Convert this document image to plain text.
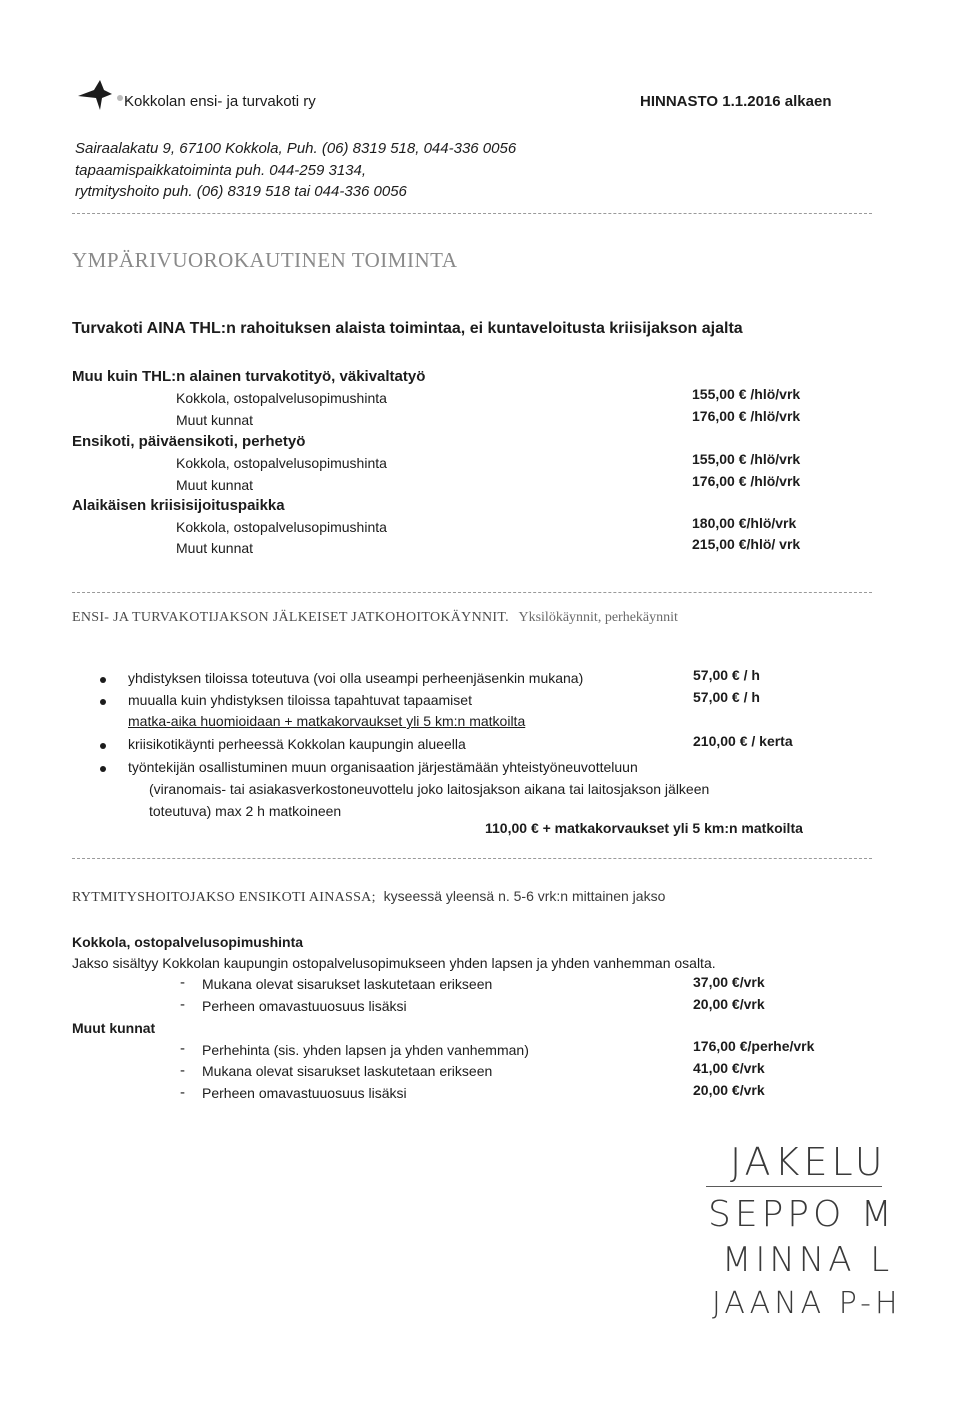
Kokkolan ensi- ja turvakoti ry	HINNASTO 1.1.2016 alkaen
Sairaalakatu 9, 67100 Kokkola, Puh. (06) 8319 518, 044-336 0056
tapaamispaikkatoiminta puh. 044-259 3134,
rytmityshoito puh. (06) 8319 518 tai 044-336 0056
YMPÄRIVUOROKAUTINEN TOIMINTA
Turvakoti AINA THL:n rahoituksen alaista toimintaa, ei kuntaveloitusta kriisijakson ajalta
Muu kuin THL:n alainen turvakotityö, väkivaltatyö
Kokkola, ostopalvelusopimushinta	155,00 € /hlö/vrk
Muut kunnat	176,00 € /hlö/vrk
Ensikoti, päiväensikoti, perhetyö
Kokkola, ostopalvelusopimushinta	155,00 € /hlö/vrk
Muut kunnat	176,00 € /hlö/vrk
Alaikäisen kriisisijoituspaikka
Kokkola, ostopalvelusopimushinta	180,00 €/hlö/vrk
Muut kunnat	215,00 €/hlö/ vrk
ENSI- JA TURVAKOTIJAKSON JÄLKEISET JATKOHOITOKÄYNNIT. Yksilökäynnit, perhekäynnit
yhdistyksen tiloissa toteutuva (voi olla useampi perheenjäsenkin mukana)	57,00 € / h
muualla kuin yhdistyksen tiloissa tapahtuvat tapaamiset	57,00 € / h
matka-aika huomioidaan + matkakorvaukset yli 5 km:n matkoilta
kriisikotikäynti perheessä Kokkolan kaupungin alueella	210,00 € / kerta
työntekijän osallistuminen muun organisaation järjestämään yhteistyöneuvotteluun
(viranomais- tai asiakasverkostoneuvottelu joko laitosjakson aikana tai laitosjakson jälkeen
toteutuva) max 2 h matkoineen
110,00 € + matkakorvaukset yli 5 km:n matkoilta
RYTMITYSHOITOJAKSO ENSIKOTI AINASSA; kyseessä yleensä n. 5-6 vrk:n mittainen jakso
Kokkola, ostopalvelusopimushinta
Jakso sisältyy Kokkolan kaupungin ostopalvelusopimukseen yhden lapsen ja yhden vanhemman osalta.
- Mukana olevat sisarukset laskutetaan erikseen	37,00 €/vrk
- Perheen omavastuuosuus lisäksi	20,00 €/vrk
Muut kunnat
- Perhehinta (sis. yhden lapsen ja yhden vanhemman)	176,00 €/perhe/vrk
- Mukana olevat sisarukset laskutetaan erikseen	41,00 €/vrk
- Perheen omavastuuosuus lisäksi	20,00 €/vrk
JAKELU
SEPPO M
MINNA L
JAANA P-H
